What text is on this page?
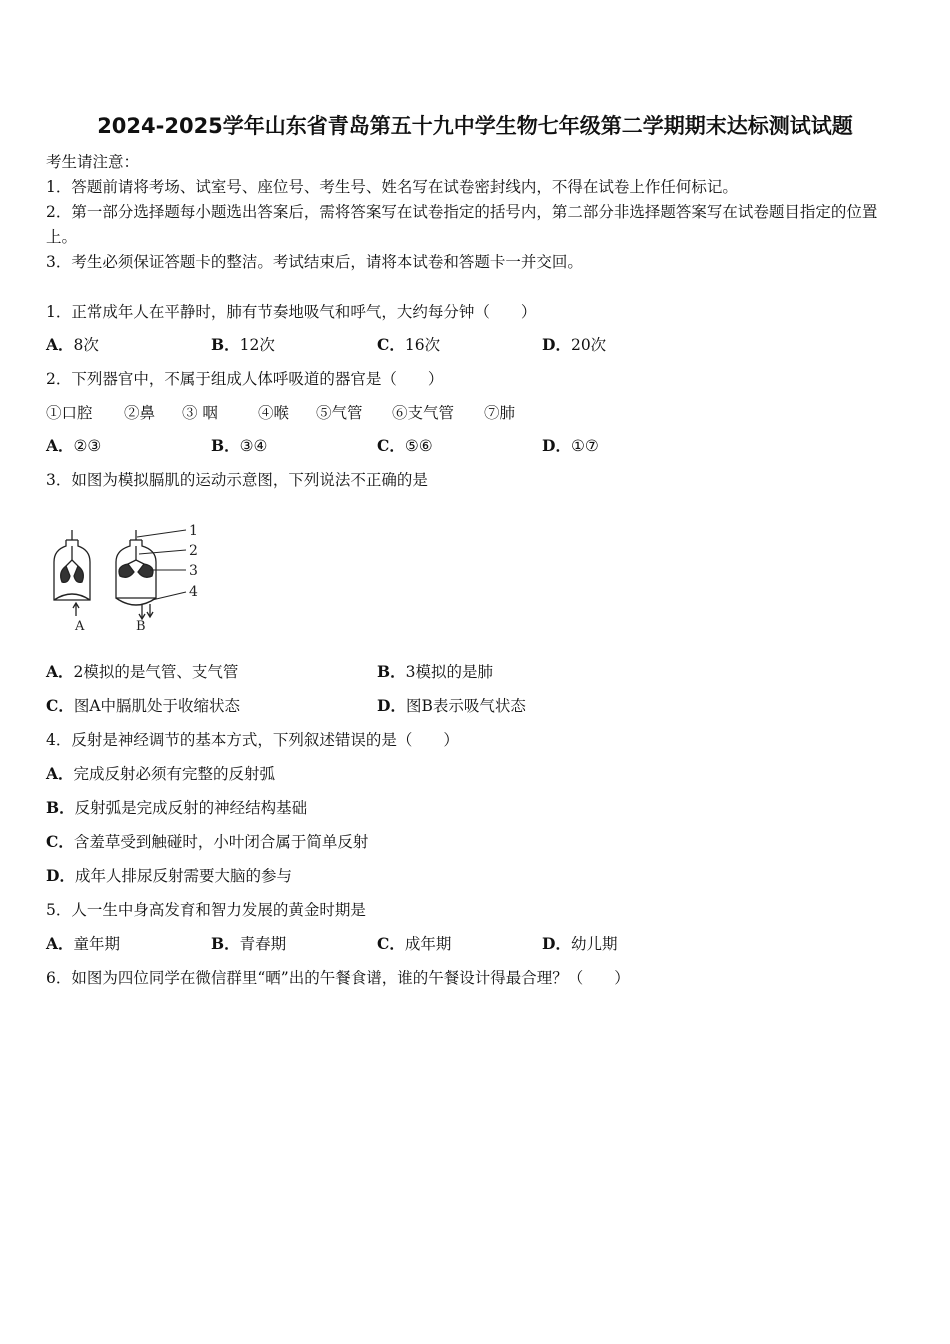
2024-2025学年山东省青岛第五十九中学生物七年级第二学期期末达标测试试题
考生请注意：
1．答题前请将考场、试室号、座位号、考生号、姓名写在试卷密封线内，不得在试卷上作任何标记。
2．第一部分选择题每小题选出答案后，需将答案写在试卷指定的括号内，第二部分非选择题答案写在试卷题目指定的位置上。
3．考生必须保证答题卡的整洁。考试结束后，请将本试卷和答题卡一并交回。
1．正常成年人在平静时，肺有节奏地吸气和呼气，大约每分钟（　　）
A．8次	B．12次	C．16次	D．20次
2．下列器官中，不属于组成人体呼吸道的器官是（　　）
①口腔 ②鼻 ③ 咽	④喉 ⑤气管 ⑥支气管 ⑦肺
A．②③	B．③④	C．⑤⑥	D．①⑦
3．如图为模拟膈肌的运动示意图，下列说法不正确的是
1
2
3
4
A	B
A．2模拟的是气管、支气管	B．3模拟的是肺
C．图A中膈肌处于收缩状态	D．图B表示吸气状态
4．反射是神经调节的基本方式，下列叙述错误的是（　　）
A．完成反射必须有完整的反射弧
B．反射弧是完成反射的神经结构基础
C．含羞草受到触碰时，小叶闭合属于简单反射
D．成年人排尿反射需要大脑的参与
5．人一生中身高发育和智力发展的黄金时期是
A．童年期	B．青春期	C．成年期	D．幼儿期
6．如图为四位同学在微信群里“晒”出的午餐食谱，谁的午餐设计得最合理？（　　）
